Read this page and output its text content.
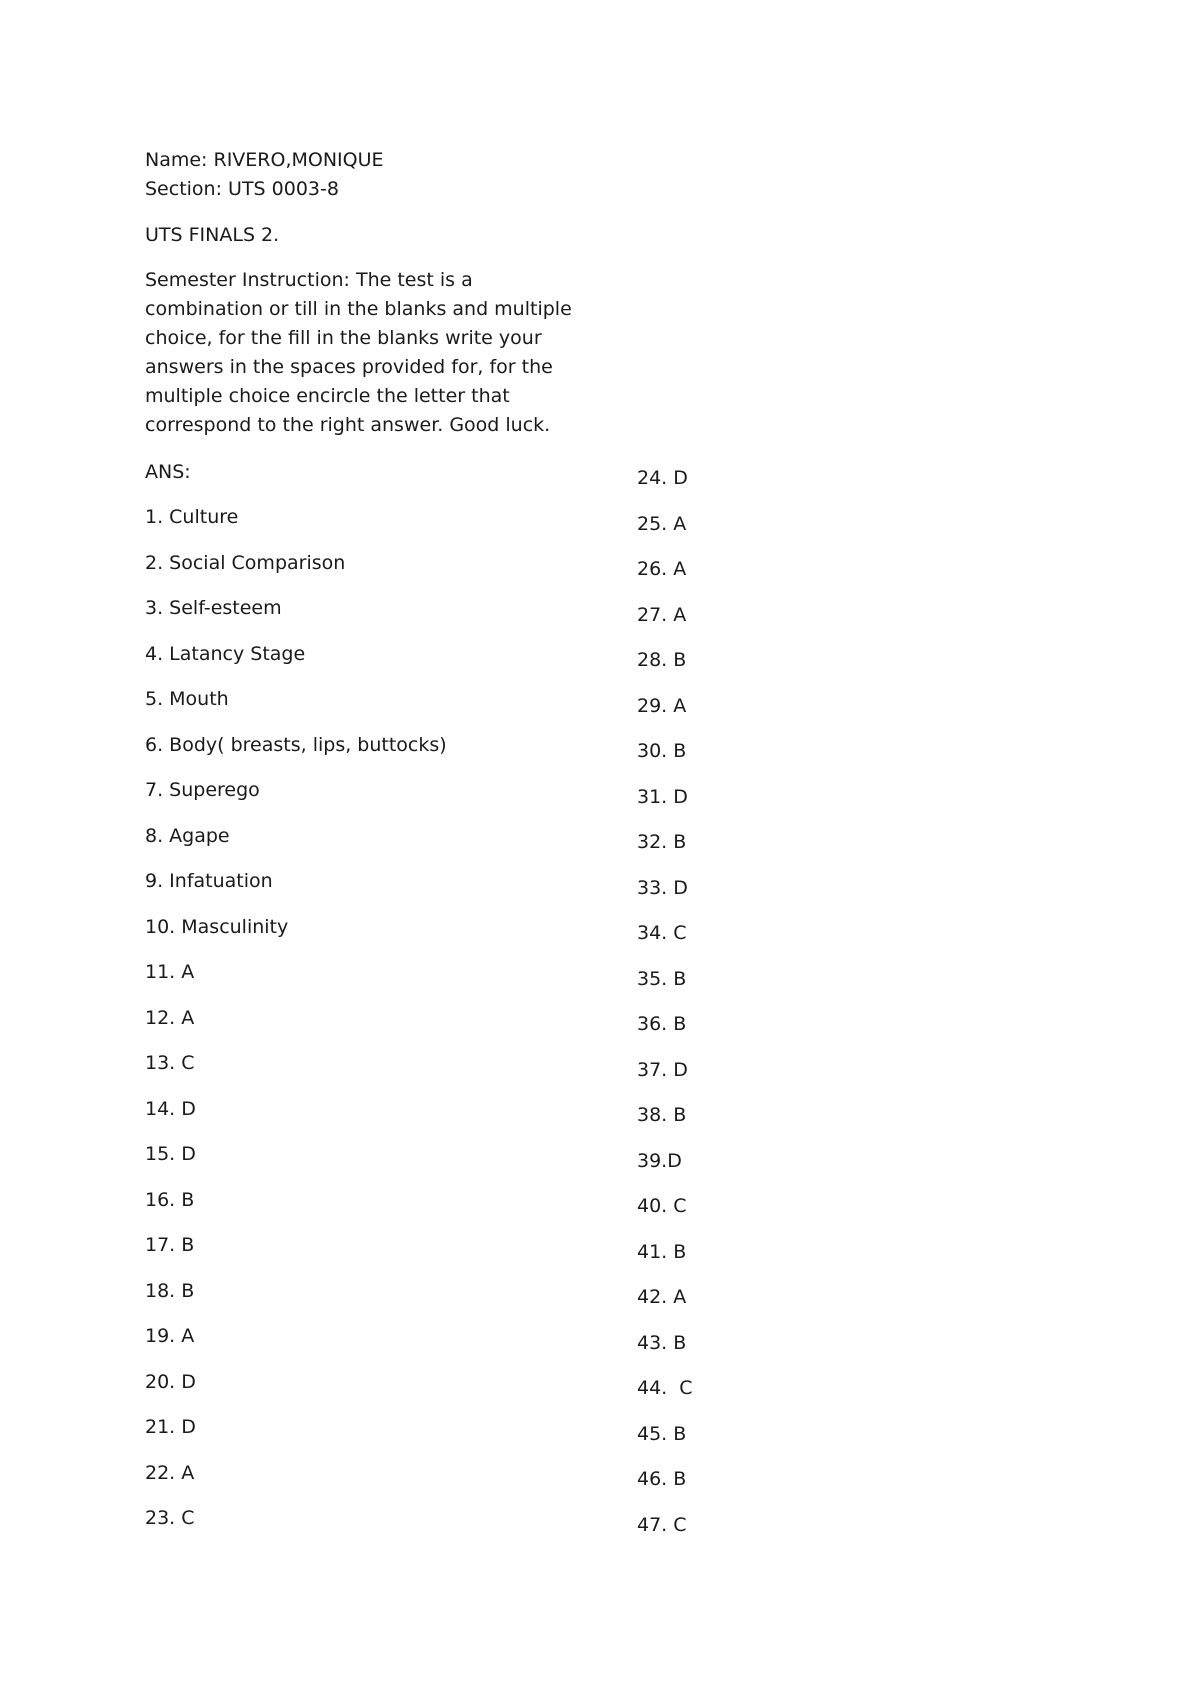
Name: RIVERO,MONIQUE
Section: UTS 0003-8
UTS FINALS 2.
Semester Instruction: The test is a
combination or till in the blanks and multiple
choice, for the fill in the blanks write your
answers in the spaces provided for, for the
multiple choice encircle the letter that
correspond to the right answer. Good luck.
ANS:
1. Culture
2. Social Comparison
3. Self-esteem
4. Latancy Stage
5. Mouth
6. Body( breasts, lips, buttocks)
7. Superego
8. Agape
9. Infatuation
10. Masculinity
11. A
12. A
13. C
14. D
15. D
16. B
17. B
18. B
19. A
20. D
21. D
22. A
23. C
24. D
25. A
26. A
27. A
28. B
29. A
30. B
31. D
32. B
33. D
34. C
35. B
36. B
37. D
38. B
39.D
40. C
41. B
42. A
43. B
44.  C
45. B
46. B
47. C
